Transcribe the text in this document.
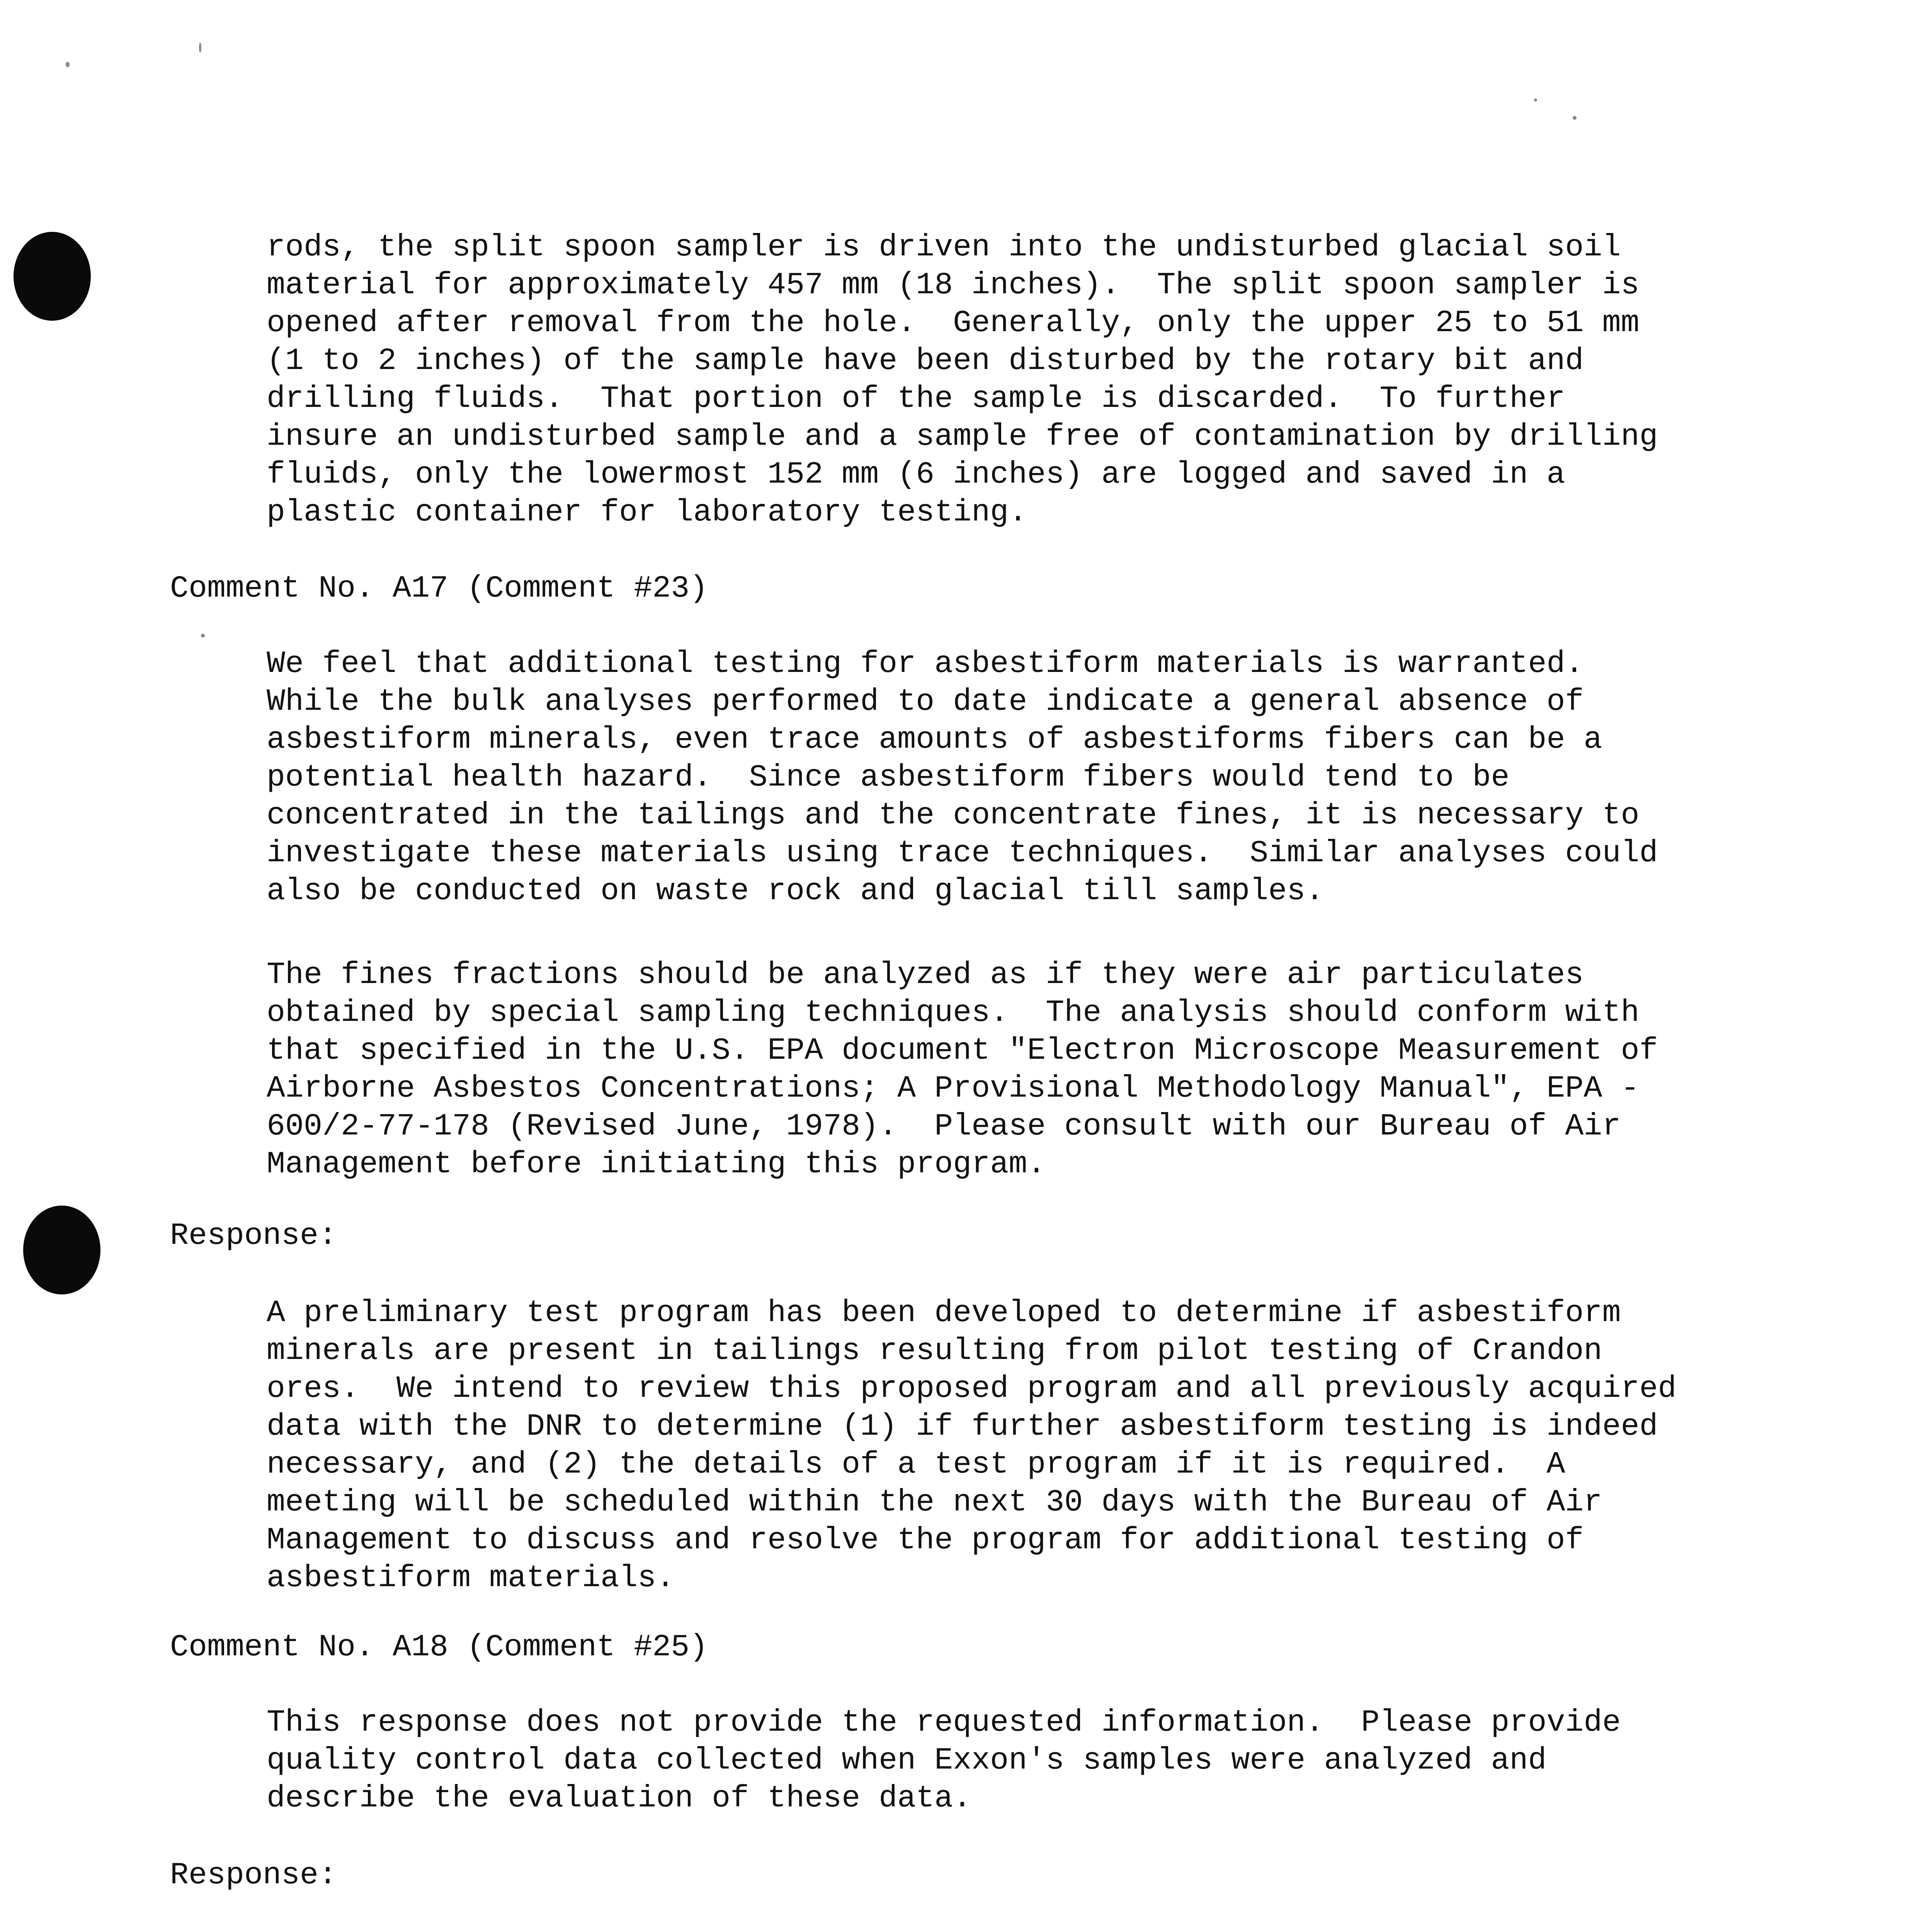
rods, the split spoon sampler is driven into the undisturbed glacial soil
material for approximately 457 mm (18 inches).  The split spoon sampler is
opened after removal from the hole.  Generally, only the upper 25 to 51 mm
(1 to 2 inches) of the sample have been disturbed by the rotary bit and
drilling fluids.  That portion of the sample is discarded.  To further
insure an undisturbed sample and a sample free of contamination by drilling
fluids, only the lowermost 152 mm (6 inches) are logged and saved in a
plastic container for laboratory testing.
Comment No. A17 (Comment #23)
We feel that additional testing for asbestiform materials is warranted.
While the bulk analyses performed to date indicate a general absence of
asbestiform minerals, even trace amounts of asbestiforms fibers can be a
potential health hazard.  Since asbestiform fibers would tend to be
concentrated in the tailings and the concentrate fines, it is necessary to
investigate these materials using trace techniques.  Similar analyses could
also be conducted on waste rock and glacial till samples.
The fines fractions should be analyzed as if they were air particulates
obtained by special sampling techniques.  The analysis should conform with
that specified in the U.S. EPA document "Electron Microscope Measurement of
Airborne Asbestos Concentrations; A Provisional Methodology Manual", EPA -
600/2-77-178 (Revised June, 1978).  Please consult with our Bureau of Air
Management before initiating this program.
Response:
A preliminary test program has been developed to determine if asbestiform
minerals are present in tailings resulting from pilot testing of Crandon
ores.  We intend to review this proposed program and all previously acquired
data with the DNR to determine (1) if further asbestiform testing is indeed
necessary, and (2) the details of a test program if it is required.  A
meeting will be scheduled within the next 30 days with the Bureau of Air
Management to discuss and resolve the program for additional testing of
asbestiform materials.
Comment No. A18 (Comment #25)
This response does not provide the requested information.  Please provide
quality control data collected when Exxon's samples were analyzed and
describe the evaluation of these data.
Response:
